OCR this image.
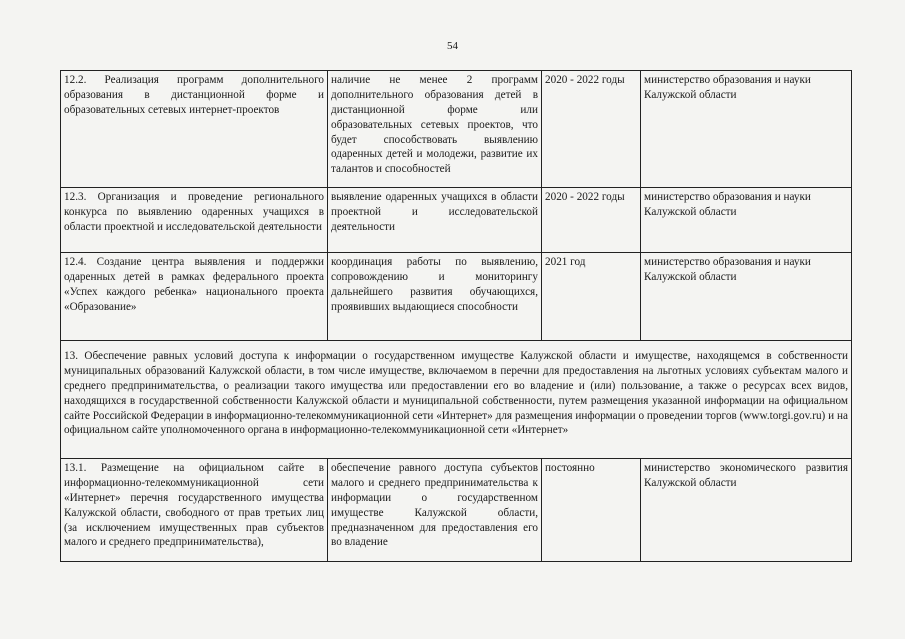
54
12.2. Реализация программ дополнительного образования в дистанционной форме и образовательных сетевых интернет-проектов	наличие не менее 2 программ дополнительного образования детей в дистанционной форме или образовательных сетевых проектов, что будет способствовать выявлению одаренных детей и молодежи, развитие их талантов и способностей	2020 - 2022 годы	министерство образования и науки Калужской области
12.3. Организация и проведение регионального конкурса по выявлению одаренных учащихся в области проектной и исследовательской деятельности	выявление одаренных учащихся в области проектной и исследовательской деятельности	2020 - 2022 годы	министерство образования и науки Калужской области
12.4. Создание центра выявления и поддержки одаренных детей в рамках федерального проекта «Успех каждого ребенка» национального проекта «Образование»	координация работы по выявлению, сопровождению и мониторингу дальнейшего развития обучающихся, проявивших выдающиеся способности	2021 год	министерство образования и науки Калужской области
13. Обеспечение равных условий доступа к информации о государственном имуществе Калужской области и имуществе, находящемся в собственности муниципальных образований Калужской области, в том числе имуществе, включаемом в перечни для предоставления на льготных условиях субъектам малого и среднего предпринимательства, о реализации такого имущества или предоставлении его во владение и (или) пользование, а также о ресурсах всех видов, находящихся в государственной собственности Калужской области и муниципальной собственности, путем размещения указанной информации на официальном сайте Российской Федерации в информационно-телекоммуникационной сети «Интернет» для размещения информации о проведении торгов (www.torgi.gov.ru) и на официальном сайте уполномоченного органа в информационно-телекоммуникационной сети «Интернет»			
13.1. Размещение на официальном сайте в информационно-телекоммуникационной сети «Интернет» перечня государственного имущества Калужской области, свободного от прав третьих лиц (за исключением имущественных прав субъектов малого и среднего предпринимательства),	обеспечение равного доступа субъектов малого и среднего предпринимательства к информации о государственном имуществе Калужской области, предназначенном для предоставления его во владение	постоянно	министерство экономического развития Калужской области
